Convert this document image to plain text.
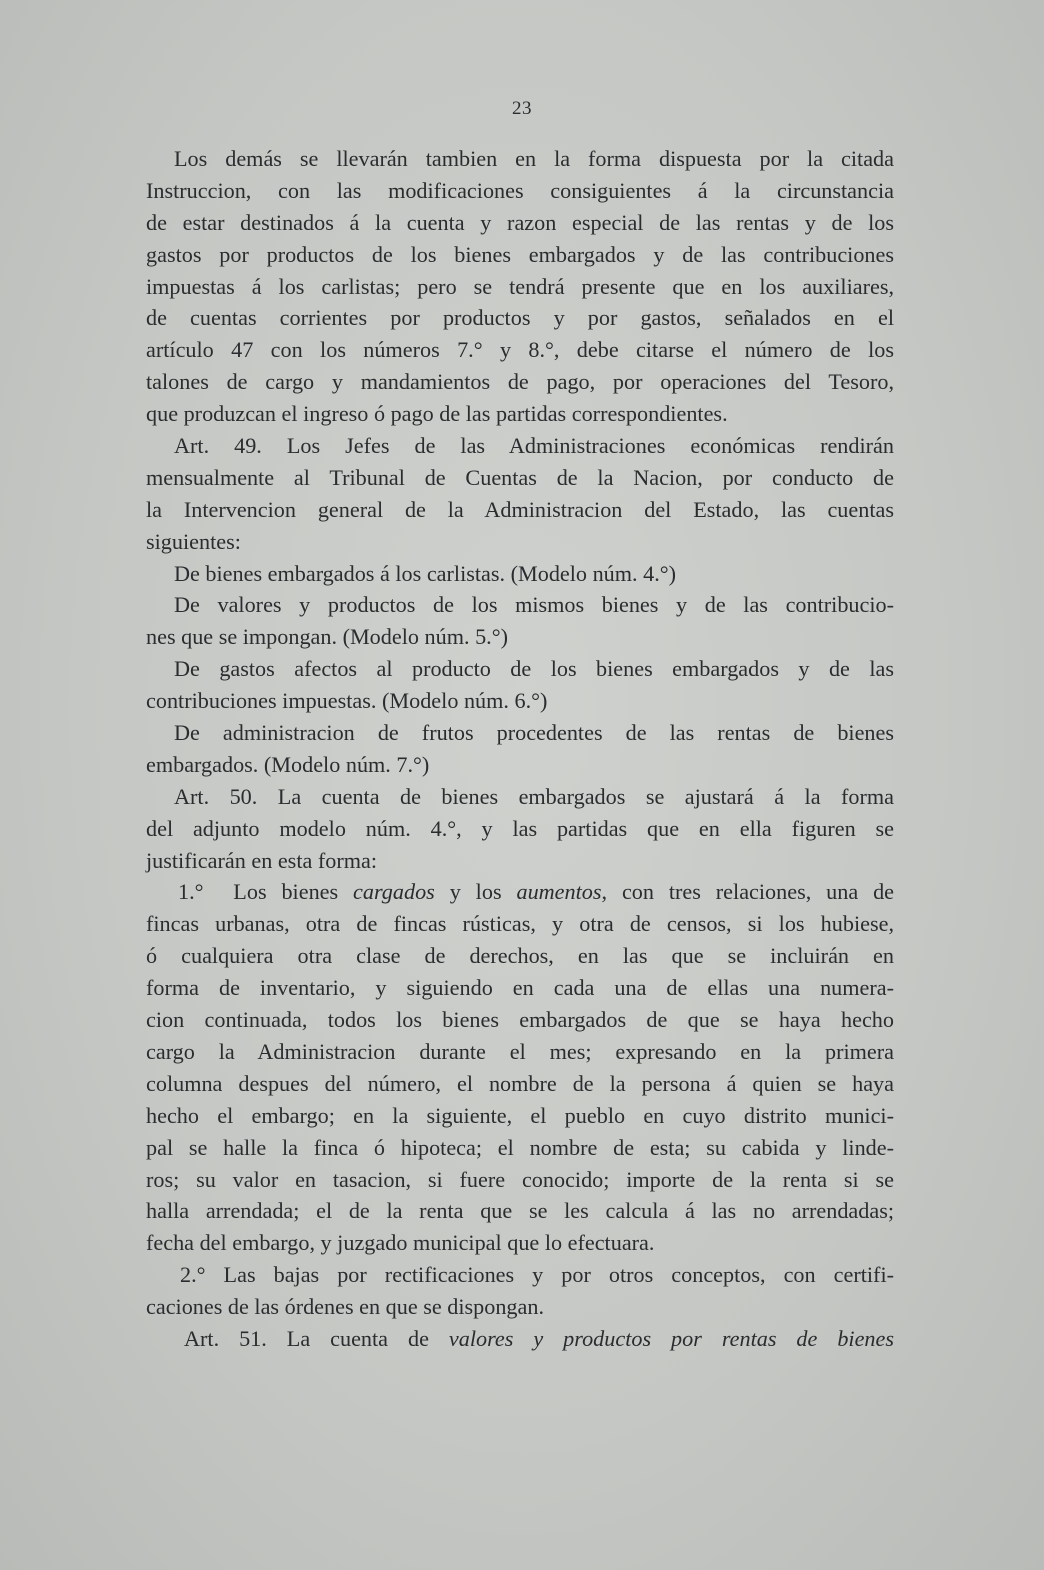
23
Los demás se llevarán tambien en la forma dispuesta por la citada
Instruccion, con las modificaciones consiguientes á la circunstancia
de estar destinados á la cuenta y razon especial de las rentas y de los
gastos por productos de los bienes embargados y de las contribuciones
impuestas á los carlistas; pero se tendrá presente que en los auxiliares,
de cuentas corrientes por productos y por gastos, señalados en el
artículo 47 con los números 7.° y 8.°, debe citarse el número de los
talones de cargo y mandamientos de pago, por operaciones del Tesoro,
que produzcan el ingreso ó pago de las partidas correspondientes.
Art. 49. Los Jefes de las Administraciones económicas rendirán
mensualmente al Tribunal de Cuentas de la Nacion, por conducto de
la Intervencion general de la Administracion del Estado, las cuentas
siguientes:
De bienes embargados á los carlistas. (Modelo núm. 4.°)
De valores y productos de los mismos bienes y de las contribucio-
nes que se impongan. (Modelo núm. 5.°)
De gastos afectos al producto de los bienes embargados y de las
contribuciones impuestas. (Modelo núm. 6.°)
De administracion de frutos procedentes de las rentas de bienes
embargados. (Modelo núm. 7.°)
Art. 50. La cuenta de bienes embargados se ajustará á la forma
del adjunto modelo núm. 4.°, y las partidas que en ella figuren se
justificarán en esta forma:
1.° Los bienes cargados y los aumentos, con tres relaciones, una de
fincas urbanas, otra de fincas rústicas, y otra de censos, si los hubiese,
ó cualquiera otra clase de derechos, en las que se incluirán en
forma de inventario, y siguiendo en cada una de ellas una numera-
cion continuada, todos los bienes embargados de que se haya hecho
cargo la Administracion durante el mes; expresando en la primera
columna despues del número, el nombre de la persona á quien se haya
hecho el embargo; en la siguiente, el pueblo en cuyo distrito munici-
pal se halle la finca ó hipoteca; el nombre de esta; su cabida y linde-
ros; su valor en tasacion, si fuere conocido; importe de la renta si se
halla arrendada; el de la renta que se les calcula á las no arrendadas;
fecha del embargo, y juzgado municipal que lo efectuara.
2.° Las bajas por rectificaciones y por otros conceptos, con certifi-
caciones de las órdenes en que se dispongan.
Art. 51. La cuenta de valores y productos por rentas de bienes
